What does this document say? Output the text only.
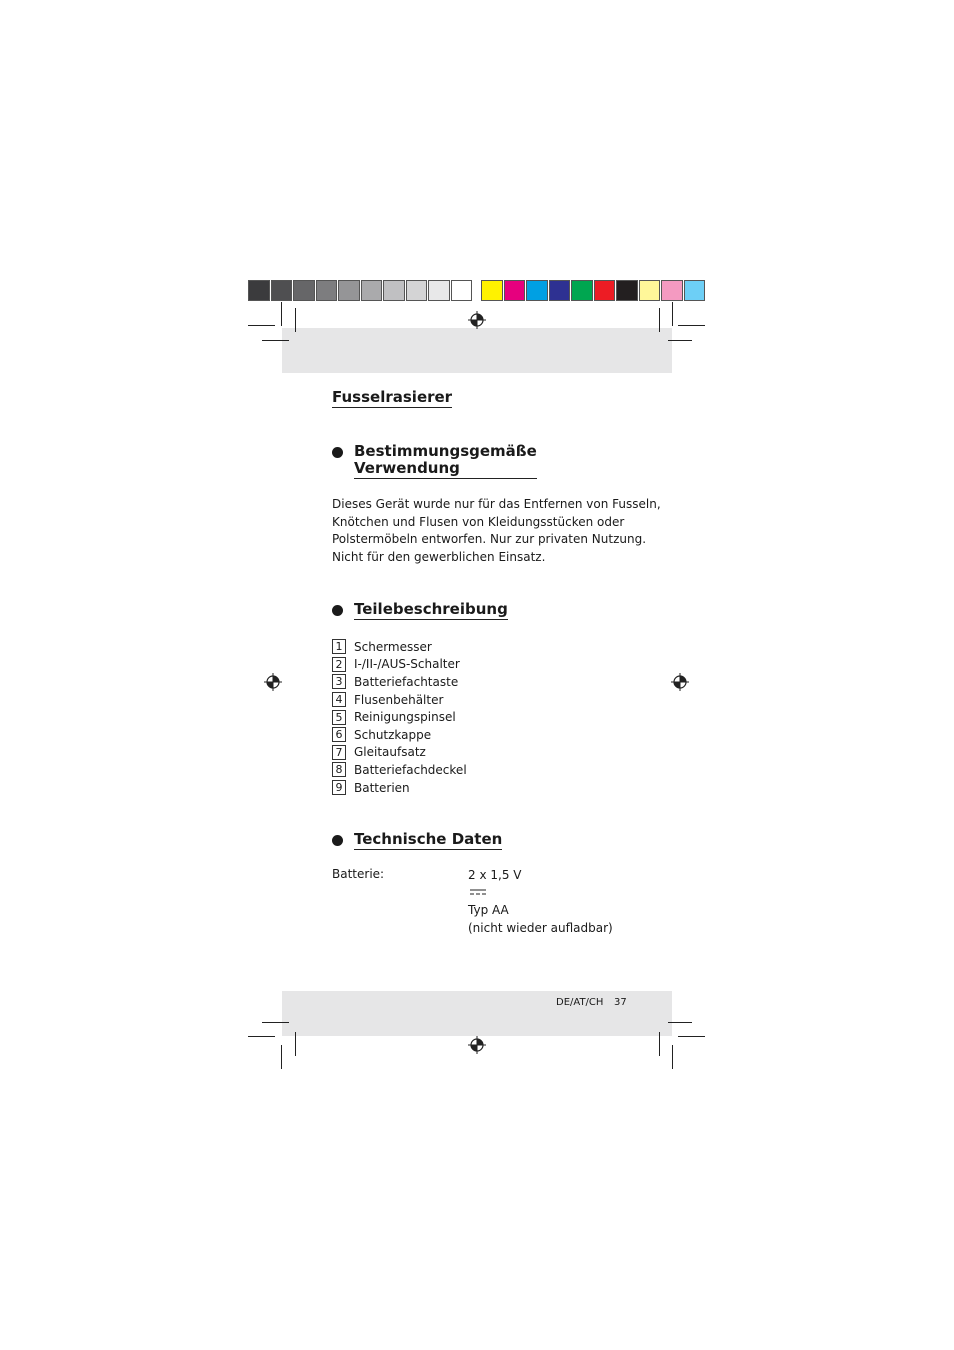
Fusselrasierer
Bestimmungsgemäße
Verwendung

Dieses Gerät wurde nur für das Entfernen von Fusseln,
Knötchen und Flusen von Kleidungsstücken oder
Polstermöbeln entworfen. Nur zur privaten Nutzung.
Nicht für den gewerblichen Einsatz.

Teilebeschreibung
1 Schermesser
2 I-/II-/AUS-Schalter
3 Batteriefachtaste
4 Flusenbehälter
5 Reinigungspinsel
6 Schutzkappe
7 Gleitaufsatz
8 Batteriefachdeckel
9 Batterien
Technische Daten
Batterie:	2 x 1,5 V
Typ AA
(nicht wieder aufladbar)
DE/AT/CH 37
